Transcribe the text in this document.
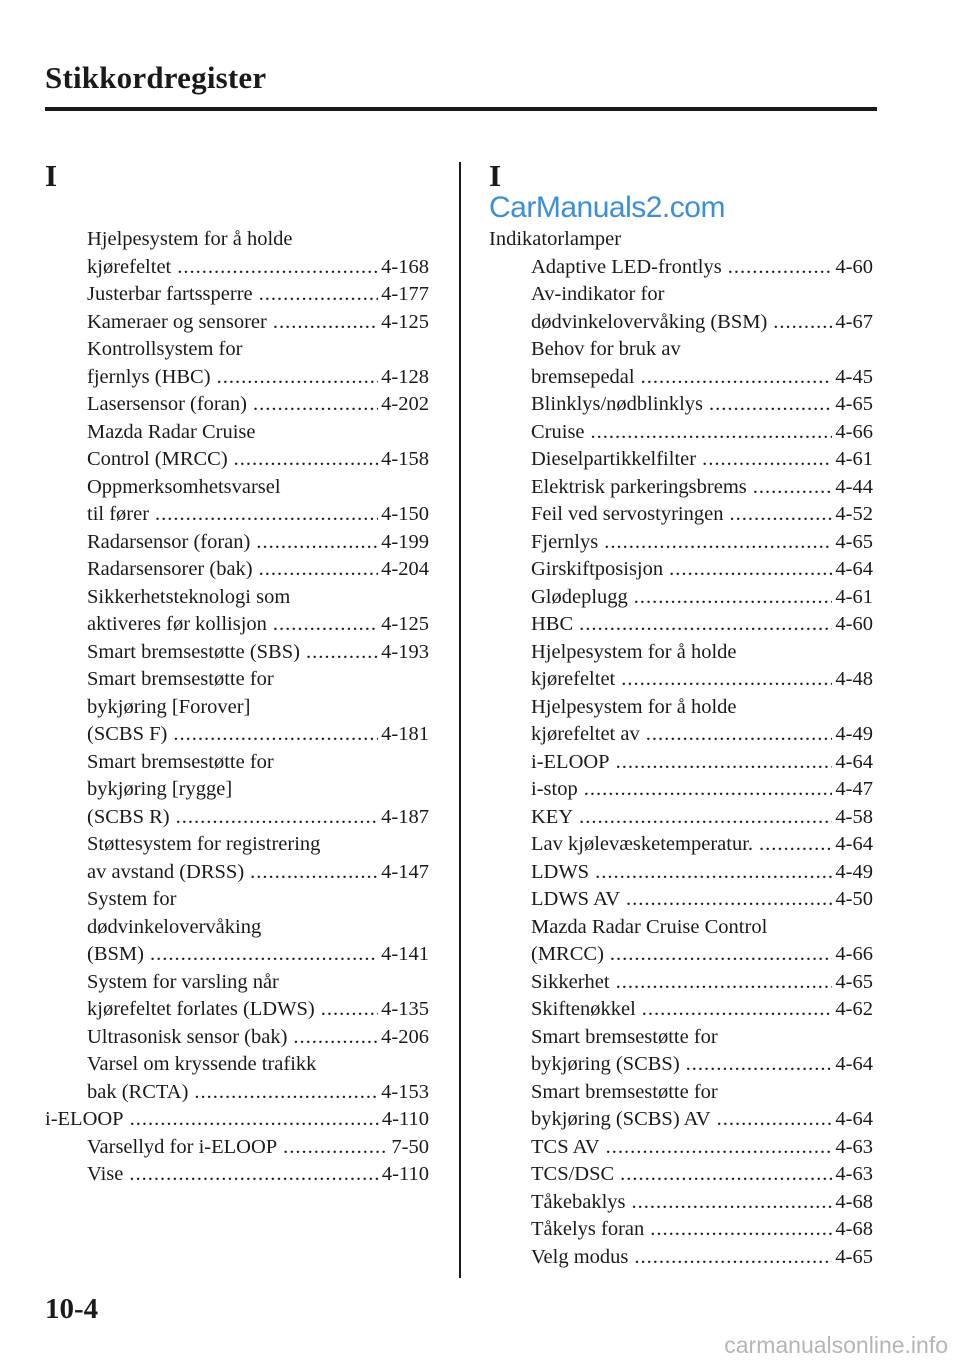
Stikkordregister
I
Hjelpesystem for å holde
kjørefeltet .....	4-168
Justerbar fartssperre .....	4-177
Kameraer og sensorer .....	4-125
Kontrollsystem for
fjernlys (HBC) .....	4-128
Lasersensor (foran) .....	4-202
Mazda Radar Cruise
Control (MRCC) .....	4-158
Oppmerksomhetsvarsel
til fører .....	4-150
Radarsensor (foran) .....	4-199
Radarsensorer (bak) .....	4-204
Sikkerhetsteknologi som
aktiveres før kollisjon .....	4-125
Smart bremsestøtte (SBS) .....	4-193
Smart bremsestøtte for
bykjøring [Forover]
(SCBS F) .....	4-181
Smart bremsestøtte for
bykjøring [rygge]
(SCBS R) .....	4-187
Støttesystem for registrering
av avstand (DRSS) .....	4-147
System for
dødvinkelovervåking
(BSM) .....	4-141
System for varsling når
kjørefeltet forlates (LDWS) .....	4-135
Ultrasonisk sensor (bak) .....	4-206
Varsel om kryssende trafikk
bak (RCTA) .....	4-153
i-ELOOP .....	4-110
Varsellyd for i-ELOOP .....	7-50
Vise .....	4-110
I
CarManuals2.com
Indikatorlamper
Adaptive LED-frontlys .....	4-60
Av-indikator for
dødvinkelovervåking (BSM) .....	4-67
Behov for bruk av
bremsepedal .....	4-45
Blinklys/nødblinklys .....	4-65
Cruise .....	4-66
Dieselpartikkelfilter .....	4-61
Elektrisk parkeringsbrems .....	4-44
Feil ved servostyringen .....	4-52
Fjernlys .....	4-65
Girskiftposisjon .....	4-64
Glødeplugg .....	4-61
HBC .....	4-60
Hjelpesystem for å holde
kjørefeltet .....	4-48
Hjelpesystem for å holde
kjørefeltet av .....	4-49
i-ELOOP .....	4-64
i-stop .....	4-47
KEY .....	4-58
Lav kjølevæsketemperatur. .....	4-64
LDWS .....	4-49
LDWS AV .....	4-50
Mazda Radar Cruise Control
(MRCC) .....	4-66
Sikkerhet .....	4-65
Skiftenøkkel .....	4-62
Smart bremsestøtte for
bykjøring (SCBS) .....	4-64
Smart bremsestøtte for
bykjøring (SCBS) AV .....	4-64
TCS AV .....	4-63
TCS/DSC .....	4-63
Tåkebaklys .....	4-68
Tåkelys foran .....	4-68
Velg modus .....	4-65
10-4
carmanualsonline.info
